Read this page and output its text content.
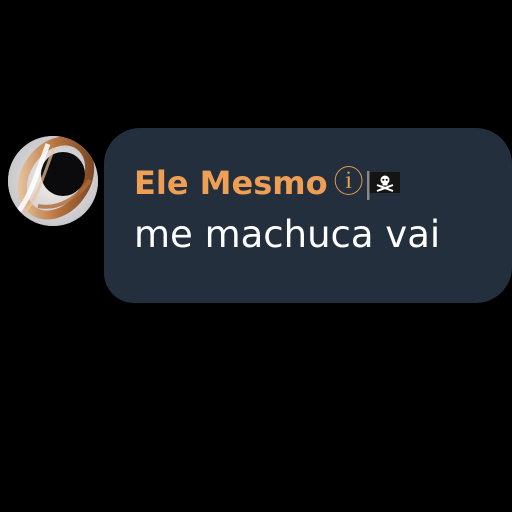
Ele Mesmo ⓘ
me machuca vai
